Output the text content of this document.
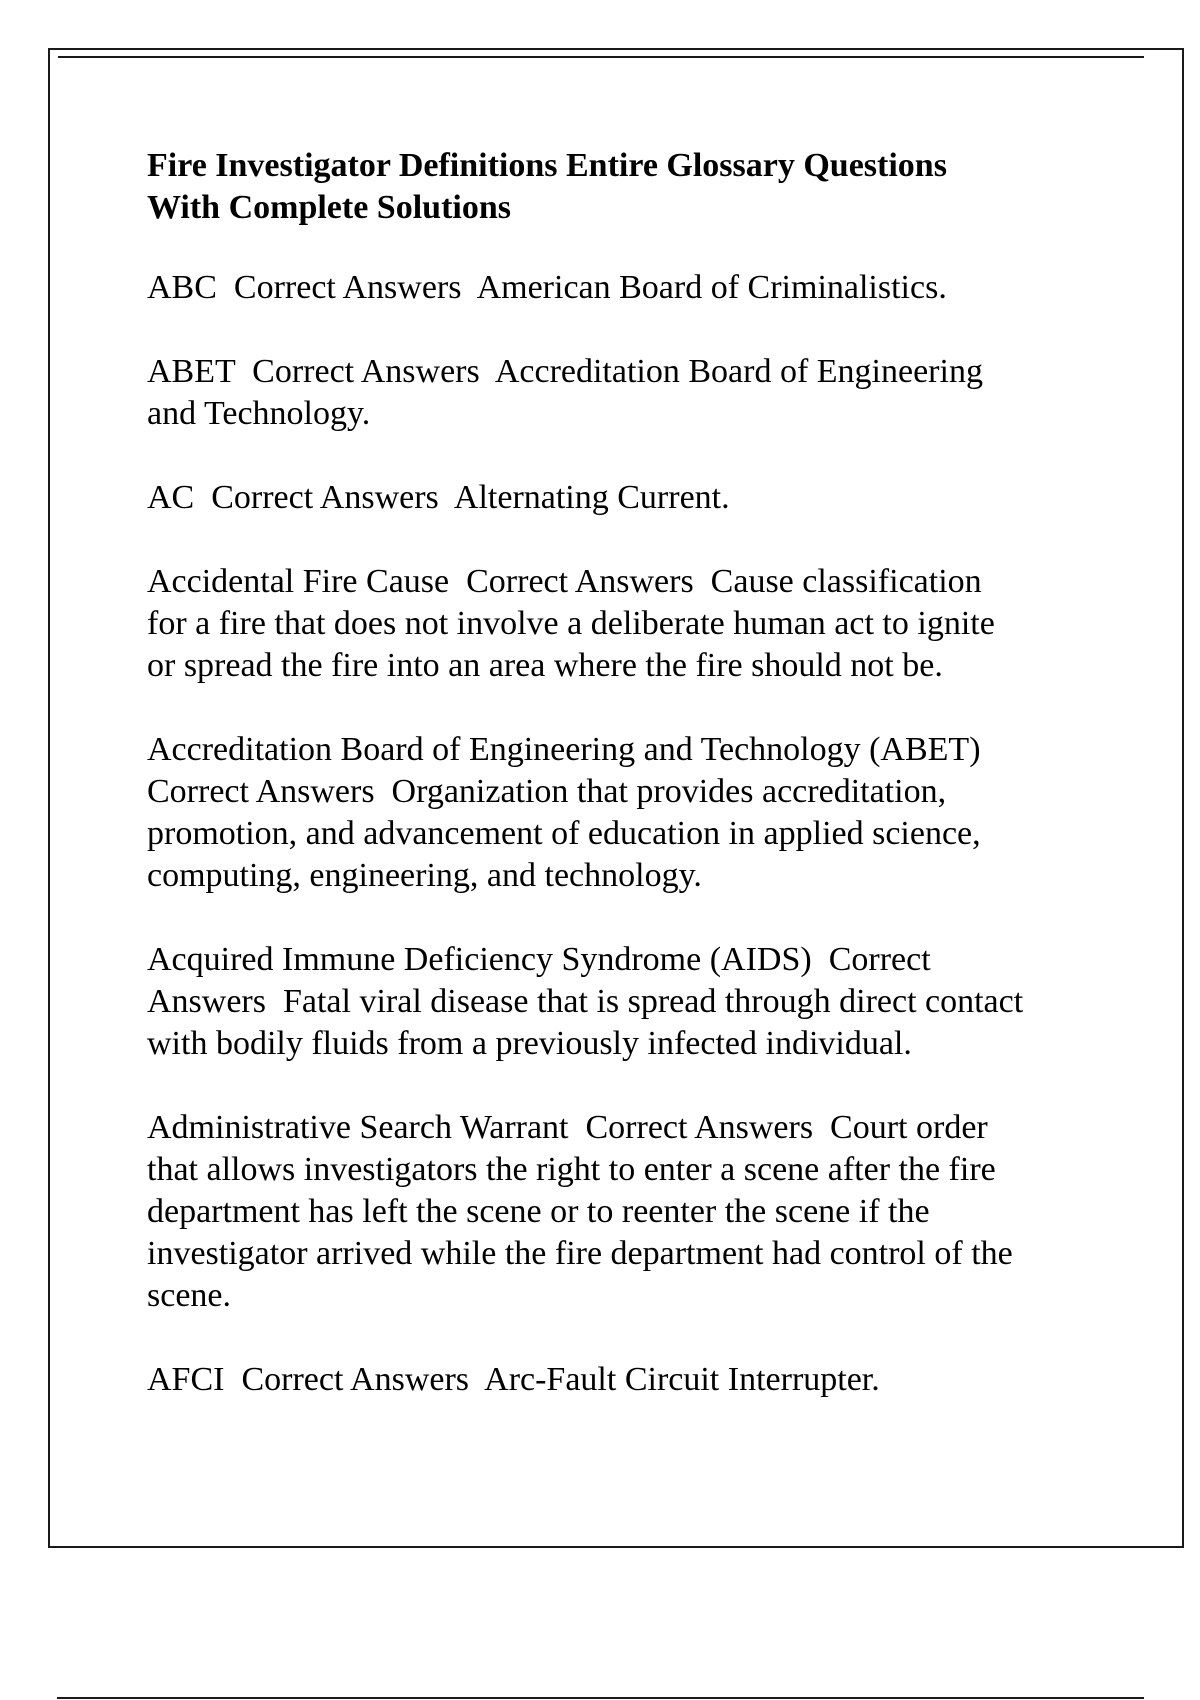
Fire Investigator Definitions Entire Glossary Questions
With Complete Solutions

ABC  Correct Answers  American Board of Criminalistics.

ABET  Correct Answers  Accreditation Board of Engineering
and Technology.

AC  Correct Answers  Alternating Current.

Accidental Fire Cause  Correct Answers  Cause classification
for a fire that does not involve a deliberate human act to ignite
or spread the fire into an area where the fire should not be.

Accreditation Board of Engineering and Technology (ABET)
Correct Answers  Organization that provides accreditation,
promotion, and advancement of education in applied science,
computing, engineering, and technology.

Acquired Immune Deficiency Syndrome (AIDS)  Correct
Answers  Fatal viral disease that is spread through direct contact
with bodily fluids from a previously infected individual.

Administrative Search Warrant  Correct Answers  Court order
that allows investigators the right to enter a scene after the fire
department has left the scene or to reenter the scene if the
investigator arrived while the fire department had control of the
scene.

AFCI  Correct Answers  Arc-Fault Circuit Interrupter.
